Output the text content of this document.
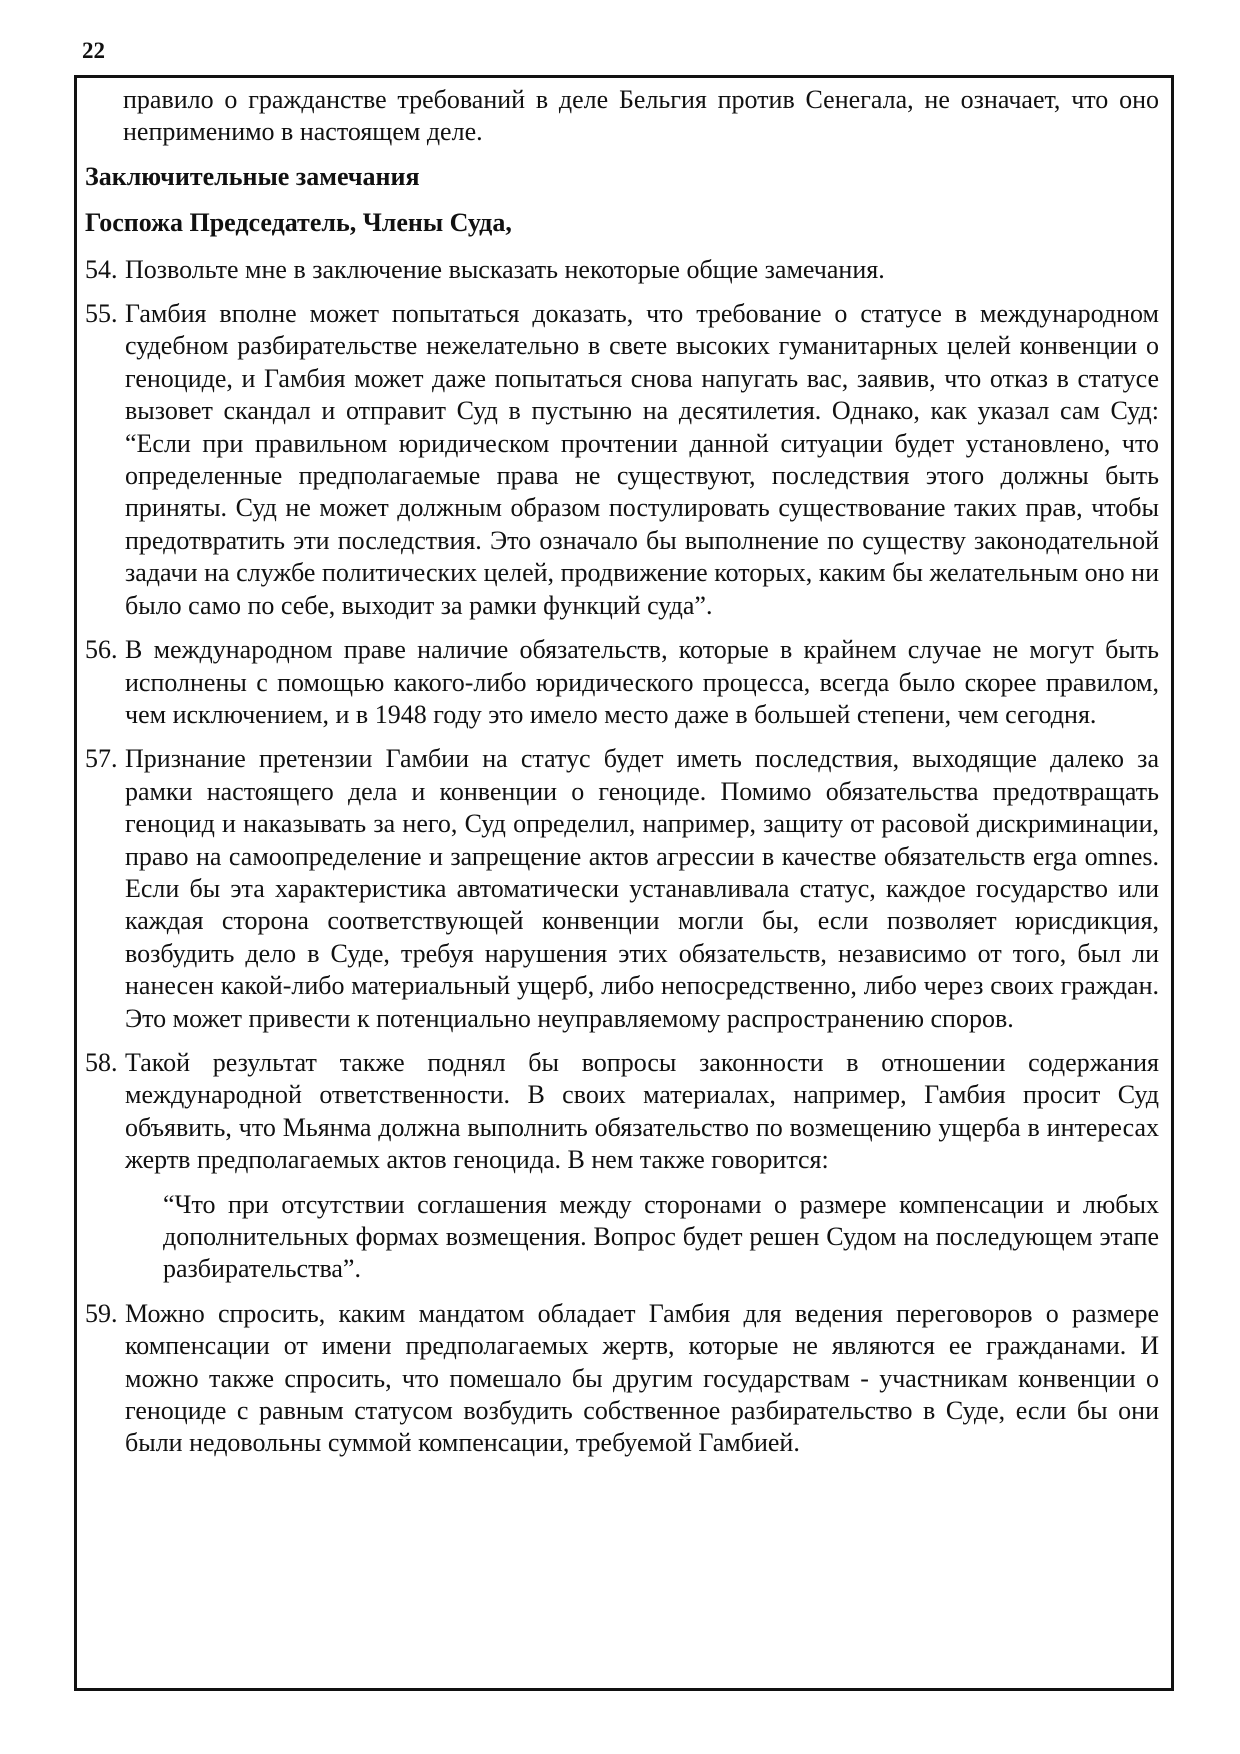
22
правило о гражданстве требований в деле Бельгия против Сенегала, не означает, что оно неприменимо в настоящем деле.
Заключительные замечания
Госпожа Председатель, Члены Суда,
54. Позвольте мне в заключение высказать некоторые общие замечания.
55. Гамбия вполне может попытаться доказать, что требование о статусе в международном судебном разбирательстве нежелательно в свете высоких гуманитарных целей конвенции о геноциде, и Гамбия может даже попытаться снова напугать вас, заявив, что отказ в статусе вызовет скандал и отправит Суд в пустыню на десятилетия. Однако, как указал сам Суд: “Если при правильном юридическом прочтении данной ситуации будет установлено, что определенные предполагаемые права не существуют, последствия этого должны быть приняты. Суд не может должным образом постулировать существование таких прав, чтобы предотвратить эти последствия. Это означало бы выполнение по существу законодательной задачи на службе политических целей, продвижение которых, каким бы желательным оно ни было само по себе, выходит за рамки функций суда”.
56. В международном праве наличие обязательств, которые в крайнем случае не могут быть исполнены с помощью какого-либо юридического процесса, всегда было скорее правилом, чем исключением, и в 1948 году это имело место даже в большей степени, чем сегодня.
57. Признание претензии Гамбии на статус будет иметь последствия, выходящие далеко за рамки настоящего дела и конвенции о геноциде. Помимо обязательства предотвращать геноцид и наказывать за него, Суд определил, например, защиту от расовой дискриминации, право на самоопределение и запрещение актов агрессии в качестве обязательств erga omnes. Если бы эта характеристика автоматически устанавливала статус, каждое государство или каждая сторона соответствующей конвенции могли бы, если позволяет юрисдикция, возбудить дело в Суде, требуя нарушения этих обязательств, независимо от того, был ли нанесен какой-либо материальный ущерб, либо непосредственно, либо через своих граждан. Это может привести к потенциально неуправляемому распространению споров.
58. Такой результат также поднял бы вопросы законности в отношении содержания международной ответственности. В своих материалах, например, Гамбия просит Суд объявить, что Мьянма должна выполнить обязательство по возмещению ущерба в интересах жертв предполагаемых актов геноцида. В нем также говорится:
“Что при отсутствии соглашения между сторонами о размере компенсации и любых дополнительных формах возмещения. Вопрос будет решен Судом на последующем этапе разбирательства”.
59. Можно спросить, каким мандатом обладает Гамбия для ведения переговоров о размере компенсации от имени предполагаемых жертв, которые не являются ее гражданами. И можно также спросить, что помешало бы другим государствам - участникам конвенции о геноциде с равным статусом возбудить собственное разбирательство в Суде, если бы они были недовольны суммой компенсации, требуемой Гамбией.
